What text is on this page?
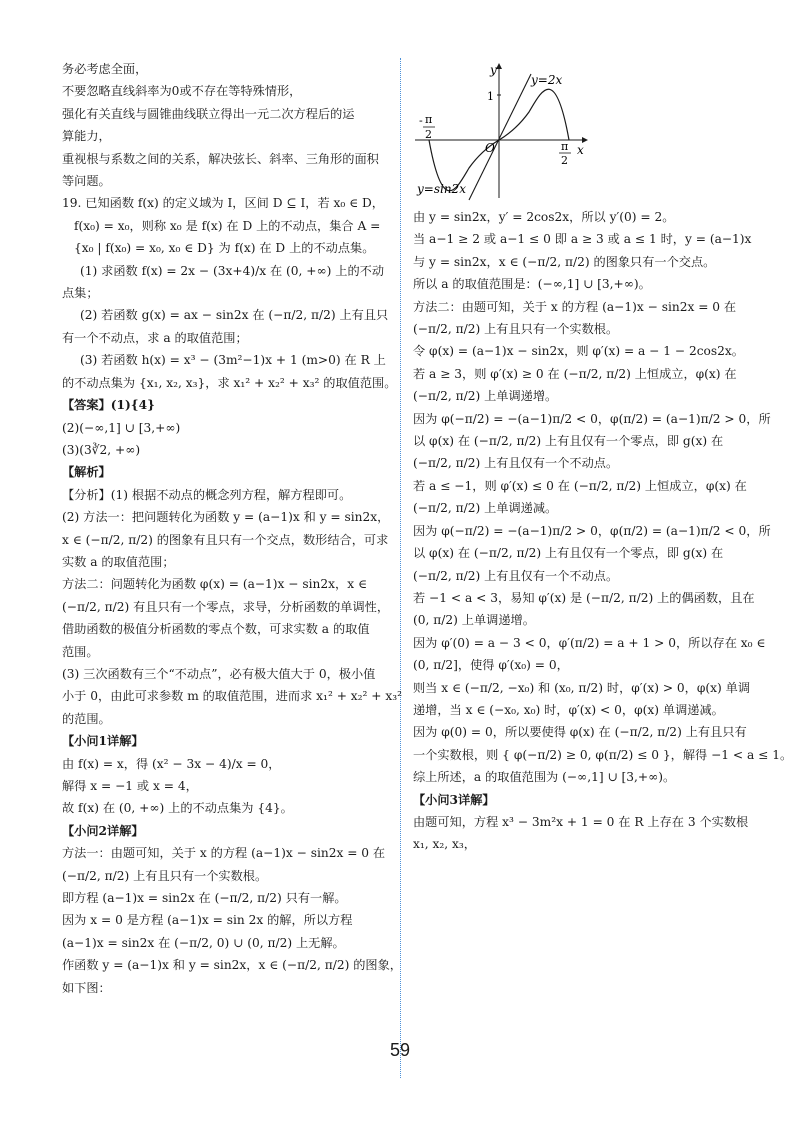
务必考虑全面，
不要忽略直线斜率为0或不存在等特殊情形，
强化有关直线与圆锥曲线联立得出一元二次方程后的运
算能力，
重视根与系数之间的关系，解决弦长、斜率、三角形的面积
等问题。
19. 已知函数 f(x) 的定义域为 I，区间 D ⊆ I，若 x₀ ∈ D，
f(x₀) = x₀，则称 x₀ 是 f(x) 在 D 上的不动点，集合 A =
{x₀ | f(x₀) = x₀, x₀ ∈ D} 为 f(x) 在 D 上的不动点集。
(1) 求函数 f(x) = 2x − (3x+4)/x 在 (0, +∞) 上的不动
点集；
(2) 若函数 g(x) = ax − sin2x 在 (−π/2, π/2) 上有且只
有一个不动点，求 a 的取值范围；
(3) 若函数 h(x) = x³ − (3m²−1)x + 1 (m>0) 在 R 上
的不动点集为 {x₁, x₂, x₃}，求 x₁² + x₂² + x₃² 的取值范围。
【答案】(1){4}
(2)(−∞,1] ∪ [3,+∞)
(3)(3∛2, +∞)
【解析】
【分析】(1) 根据不动点的概念列方程，解方程即可。
(2) 方法一：把问题转化为函数 y = (a−1)x 和 y = sin2x，
x ∈ (−π/2, π/2) 的图象有且只有一个交点，数形结合，可求
实数 a 的取值范围；
方法二：问题转化为函数 φ(x) = (a−1)x − sin2x，x ∈
(−π/2, π/2) 有且只有一个零点，求导，分析函数的单调性，
借助函数的极值分析函数的零点个数，可求实数 a 的取值
范围。
(3) 三次函数有三个“不动点”，必有极大值大于 0，极小值
小于 0，由此可求参数 m 的取值范围，进而求 x₁² + x₂² + x₃²
的范围。
【小问1详解】
由 f(x) = x，得 (x² − 3x − 4)/x = 0，
解得 x = −1 或 x = 4，
故 f(x) 在 (0, +∞) 上的不动点集为 {4}。
【小问2详解】
方法一：由题可知，关于 x 的方程 (a−1)x − sin2x = 0 在
(−π/2, π/2) 上有且只有一个实数根。
即方程 (a−1)x = sin2x 在 (−π/2, π/2) 只有一解。
因为 x = 0 是方程 (a−1)x = sin 2x 的解，所以方程
(a−1)x = sin2x 在 (−π/2, 0) ∪ (0, π/2) 上无解。
作函数 y = (a−1)x 和 y = sin2x，x ∈ (−π/2, π/2) 的图象，
如下图：
y
x
1
y=2x
y=sin2x
O
- π
2
π
2
由 y = sin2x，y′ = 2cos2x，所以 y′(0) = 2。
当 a−1 ≥ 2 或 a−1 ≤ 0 即 a ≥ 3 或 a ≤ 1 时，y = (a−1)x
与 y = sin2x，x ∈ (−π/2, π/2) 的图象只有一个交点。
所以 a 的取值范围是：(−∞,1] ∪ [3,+∞)。
方法二：由题可知，关于 x 的方程 (a−1)x − sin2x = 0 在
(−π/2, π/2) 上有且只有一个实数根。
令 φ(x) = (a−1)x − sin2x，则 φ′(x) = a − 1 − 2cos2x。
若 a ≥ 3，则 φ′(x) ≥ 0 在 (−π/2, π/2) 上恒成立，φ(x) 在
(−π/2, π/2) 上单调递增。
因为 φ(−π/2) = −(a−1)π/2 < 0，φ(π/2) = (a−1)π/2 > 0，所
以 φ(x) 在 (−π/2, π/2) 上有且仅有一个零点，即 g(x) 在
(−π/2, π/2) 上有且仅有一个不动点。
若 a ≤ −1，则 φ′(x) ≤ 0 在 (−π/2, π/2) 上恒成立，φ(x) 在
(−π/2, π/2) 上单调递减。
因为 φ(−π/2) = −(a−1)π/2 > 0，φ(π/2) = (a−1)π/2 < 0，所
以 φ(x) 在 (−π/2, π/2) 上有且仅有一个零点，即 g(x) 在
(−π/2, π/2) 上有且仅有一个不动点。
若 −1 < a < 3，易知 φ′(x) 是 (−π/2, π/2) 上的偶函数，且在
(0, π/2) 上单调递增。
因为 φ′(0) = a − 3 < 0，φ′(π/2) = a + 1 > 0，所以存在 x₀ ∈
(0, π/2]，使得 φ′(x₀) = 0，
则当 x ∈ (−π/2, −x₀) 和 (x₀, π/2) 时，φ′(x) > 0，φ(x) 单调
递增，当 x ∈ (−x₀, x₀) 时，φ′(x) < 0，φ(x) 单调递减。
因为 φ(0) = 0，所以要使得 φ(x) 在 (−π/2, π/2) 上有且只有
一个实数根，则 { φ(−π/2) ≥ 0, φ(π/2) ≤ 0 }，解得 −1 < a ≤ 1。
综上所述，a 的取值范围为 (−∞,1] ∪ [3,+∞)。
【小问3详解】
由题可知，方程 x³ − 3m²x + 1 = 0 在 R 上存在 3 个实数根
x₁, x₂, x₃，
59
